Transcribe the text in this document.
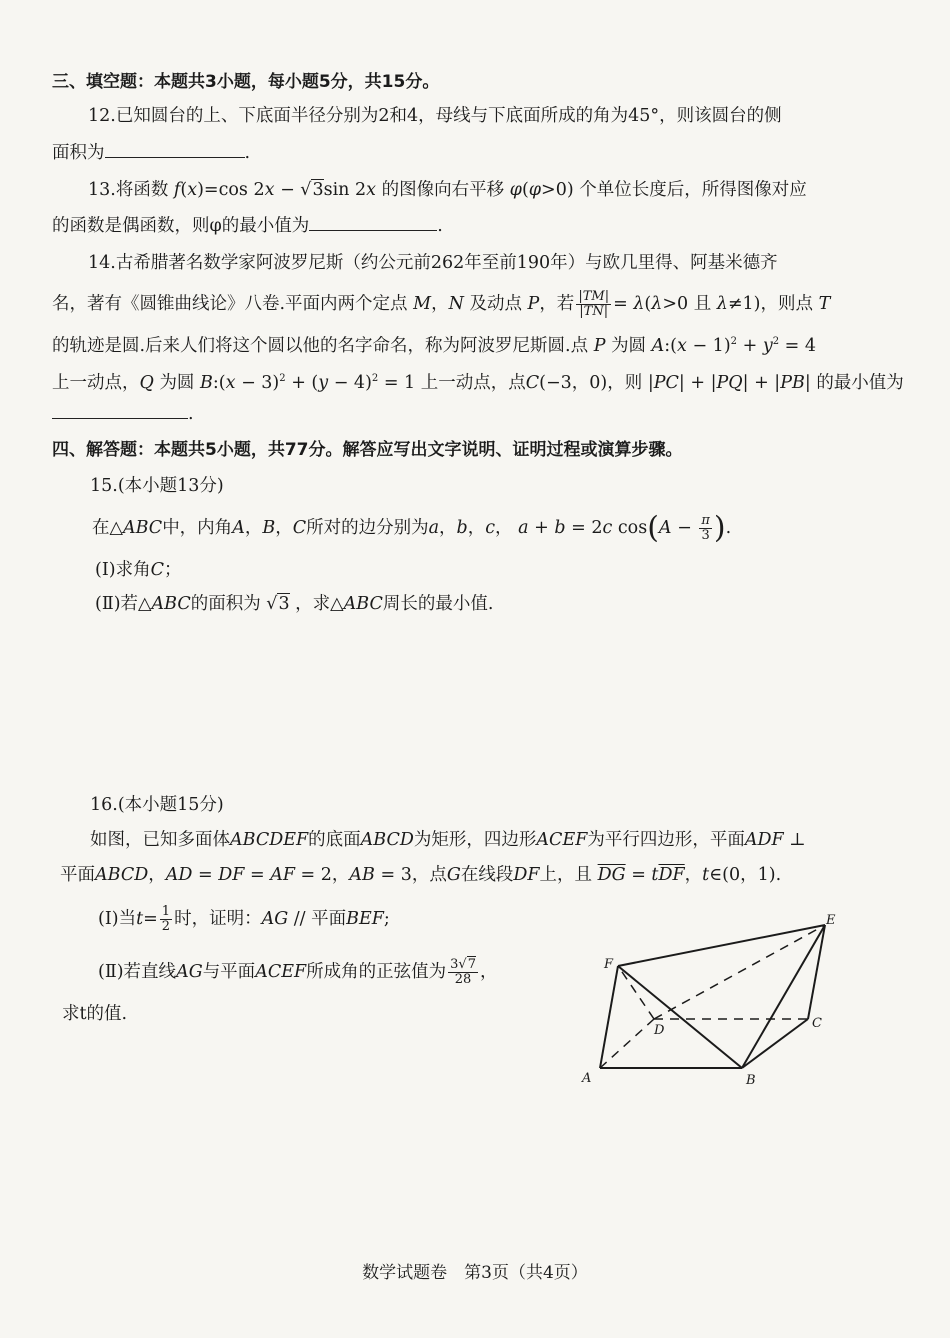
三、填空题：本题共3小题，每小题5分，共15分。
12.已知圆台的上、下底面半径分别为2和4，母线与下底面所成的角为45°，则该圆台的侧
面积为	.
13.将函数 f(x)=cos 2x − √3sin 2x 的图像向右平移 φ(φ>0) 个单位长度后，所得图像对应
的函数是偶函数，则φ的最小值为	.
14.古希腊著名数学家阿波罗尼斯（约公元前262年至前190年）与欧几里得、阿基米德齐
名，著有《圆锥曲线论》八卷.平面内两个定点 M，N 及动点 P，若 $\frac{|TM|}{|TN|} = \lambda(\lambda>0$ 且 λ≠1)，则点 T
的轨迹是圆.后来人们将这个圆以他的名字命名，称为阿波罗尼斯圆.点 P 为圆 A:(x − $1)^2 + y^2 = 4$
上一动点，Q 为圆 B:(x − $3)^2 + (y - 4)^2 = 1$ 上一动点，点C(−3，0)，则 |PC| + |PQ| + |PB| 的最小值为
.
四、解答题：本题共5小题，共77分。解答应写出文字说明、证明过程或演算步骤。
15.(本小题13分)
在△ABC中，内角A，B，C所对的边分别为a，b，c， a + b = 2c $\cos(A - \frac{\pi}{3}$ ).
(Ⅰ)求角C；
(Ⅱ)若△ABC的面积为 √3 ，求△ABC周长的最小值.
16.(本小题15分)
如图，已知多面体ABCDEF的底面ABCD为矩形，四边形ACEF为平行四边形，平面ADF ⊥
平面ABCD，AD = DF = AF = 2，AB = 3，点G在线段DF上，且 $\overline{DG} = t\overline{DF}$，t∈(0，1).
(Ⅰ)当$t= \frac{1}{2}$ 时，证明：AG // 平面BEF;
(Ⅱ)若直线AG与平面ACEF所成角的正弦值为 $\frac{3√7}{28}$ ，
求t的值.
F
E
D	C
A	B
数学试题卷　第3页（共4页）
